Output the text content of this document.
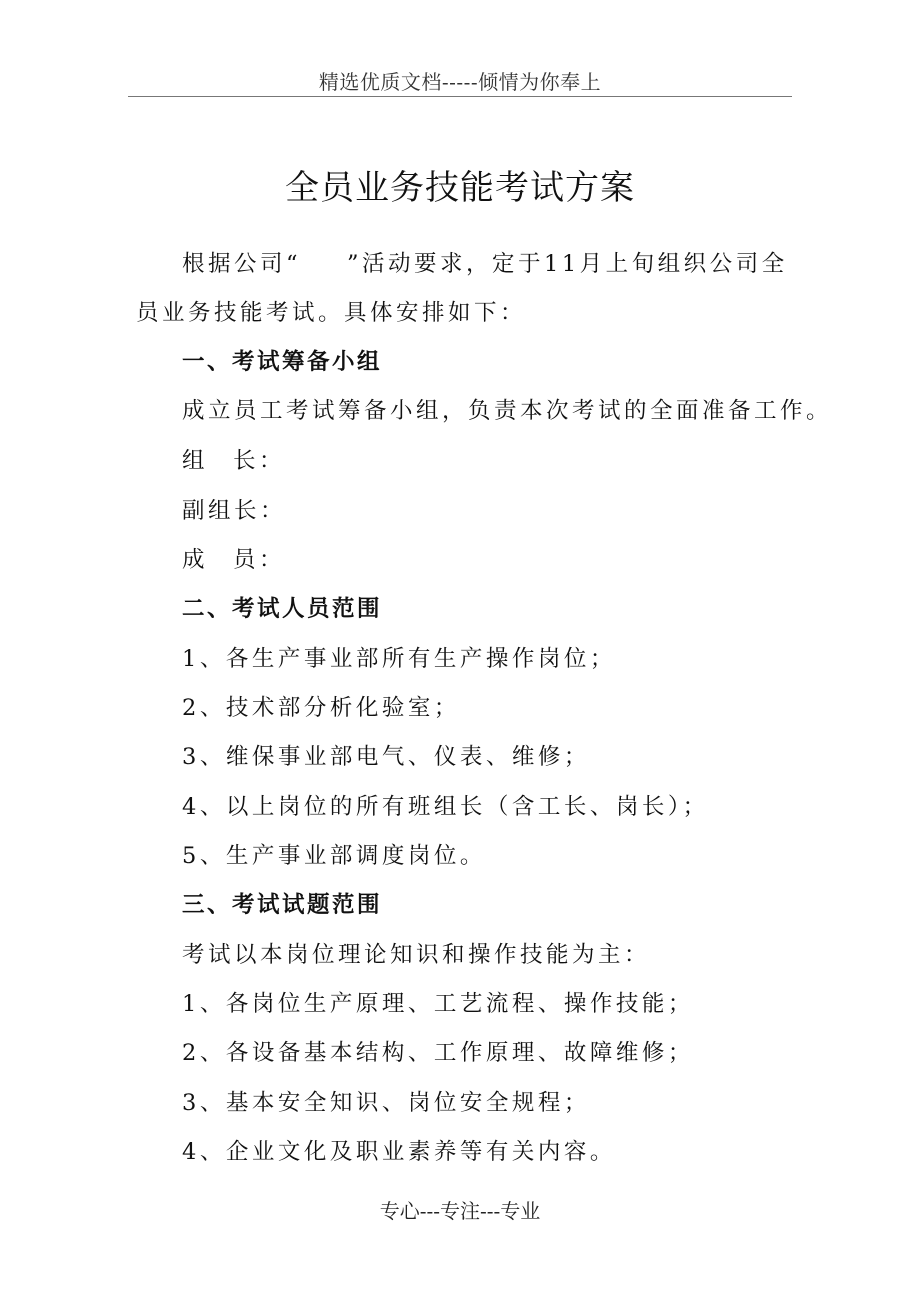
精选优质文档-----倾情为你奉上
全员业务技能考试方案
根据公司“ ”活动要求，定于11月上旬组织公司全
员业务技能考试。具体安排如下：
一、考试筹备小组
成立员工考试筹备小组，负责本次考试的全面准备工作。
组 长：
副组长：
成 员：
二、考试人员范围
1、各生产事业部所有生产操作岗位；
2、技术部分析化验室；
3、维保事业部电气、仪表、维修；
4、以上岗位的所有班组长（含工长、岗长）；
5、生产事业部调度岗位。
三、考试试题范围
考试以本岗位理论知识和操作技能为主：
1、各岗位生产原理、工艺流程、操作技能；
2、各设备基本结构、工作原理、故障维修；
3、基本安全知识、岗位安全规程；
4、企业文化及职业素养等有关内容。
专心---专注---专业
